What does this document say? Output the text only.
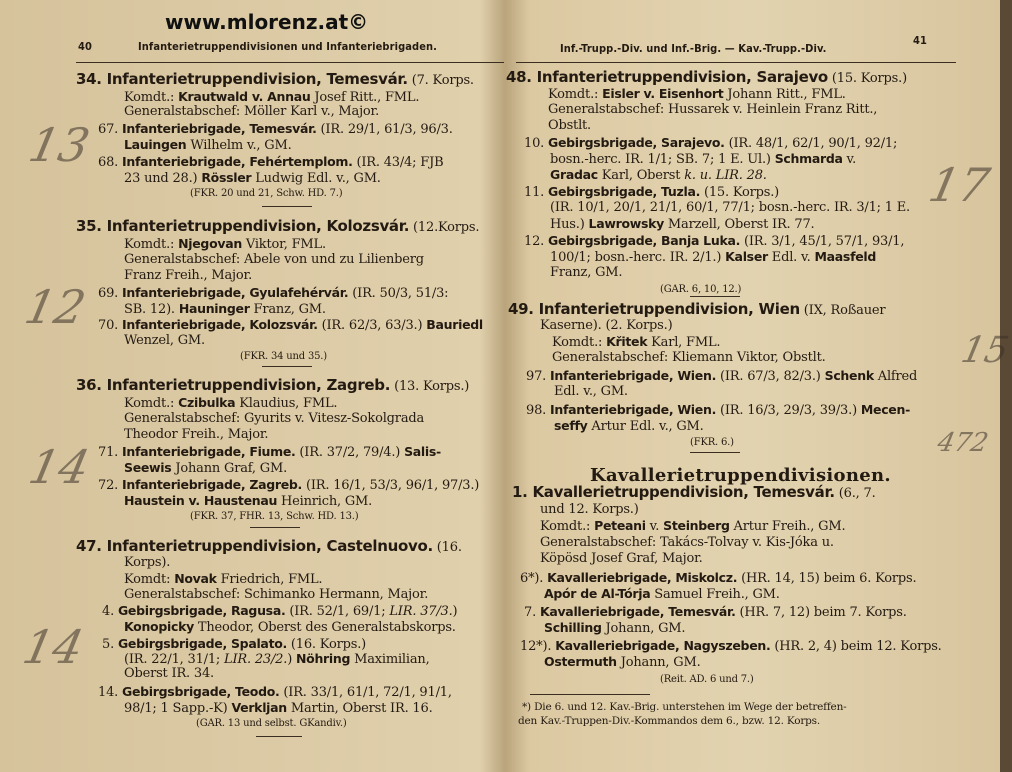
www.mlorenz.at©
40	Infanterietruppendivisionen und Infanteriebrigaden.
34. Infanterietruppendivision, Temesvár. (7. Korps.
Komdt.: Krautwald v. Annau Josef Ritt., FML.
Generalstabschef: Möller Karl v., Major.
67. Infanteriebrigade, Temesvár. (IR. 29/1, 61/3, 96/3.
Lauingen Wilhelm v., GM.
68. Infanteriebrigade, Fehértemplom. (IR. 43/4; FJB
23 und 28.) Rössler Ludwig Edl. v., GM.
(FKR. 20 und 21, Schw. HD. 7.)
35. Infanterietruppendivision, Kolozsvár. (12.Korps.
Komdt.: Njegovan Viktor, FML.
Generalstabschef: Abele von und zu Lilienberg
Franz Freih., Major.
69. Infanteriebrigade, Gyulafehérvár. (IR. 50/3, 51/3:
SB. 12). Hauninger Franz, GM.
70. Infanteriebrigade, Kolozsvár. (IR. 62/3, 63/3.) Bauriedl
Wenzel, GM.
(FKR. 34 und 35.)
36. Infanterietruppendivision, Zagreb. (13. Korps.)
Komdt.: Czibulka Klaudius, FML.
Generalstabschef: Gyurits v. Vitesz-Sokolgrada
Theodor Freih., Major.
71. Infanteriebrigade, Fiume. (IR. 37/2, 79/4.) Salis-
Seewis Johann Graf, GM.
72. Infanteriebrigade, Zagreb. (IR. 16/1, 53/3, 96/1, 97/3.)
Haustein v. Haustenau Heinrich, GM.
(FKR. 37, FHR. 13, Schw. HD. 13.)
47. Infanterietruppendivision, Castelnuovo. (16.
Korps).
Komdt: Novak Friedrich, FML.
Generalstabschef: Schimanko Hermann, Major.
4. Gebirgsbrigade, Ragusa. (IR. 52/1, 69/1; LIR. 37/3.)
Konopicky Theodor, Oberst des Generalstabskorps.
5. Gebirgsbrigade, Spalato. (16. Korps.)
(IR. 22/1, 31/1; LIR. 23/2.) Nöhring Maximilian,
Oberst IR. 34.
14. Gebirgsbrigade, Teodo. (IR. 33/1, 61/1, 72/1, 91/1,
98/1; 1 Sapp.-K) Verkljan Martin, Oberst IR. 16.
(GAR. 13 und selbst. GKandiv.)
Inf.-Trupp.-Div. und Inf.-Brig. — Kav.-Trupp.-Div.
41
Kavallerietruppendivisionen.
48. Infanterietruppendivision, Sarajevo (15. Korps.)
Komdt.: Eisler v. Eisenhort Johann Ritt., FML.
Generalstabschef: Hussarek v. Heinlein Franz Ritt.,
Obstlt.
10. Gebirgsbrigade, Sarajevo. (IR. 48/1, 62/1, 90/1, 92/1;
bosn.-herc. IR. 1/1; SB. 7; 1 E. Ul.) Schmarda v.
Gradac Karl, Oberst k. u. LIR. 28.
11. Gebirgsbrigade, Tuzla. (15. Korps.)
(IR. 10/1, 20/1, 21/1, 60/1, 77/1; bosn.-herc. IR. 3/1; 1 E.
Hus.) Lawrowsky Marzell, Oberst IR. 77.
12. Gebirgsbrigade, Banja Luka. (IR. 3/1, 45/1, 57/1, 93/1,
100/1; bosn.-herc. IR. 2/1.) Kalser Edl. v. Maasfeld
Franz, GM.
(GAR. 6, 10, 12.)
49. Infanterietruppendivision, Wien (IX, Roßauer
Kaserne). (2. Korps.)
Komdt.: Křitek Karl, FML.
Generalstabschef: Kliemann Viktor, Obstlt.
97. Infanteriebrigade, Wien. (IR. 67/3, 82/3.) Schenk Alfred
Edl. v., GM.
98. Infanteriebrigade, Wien. (IR. 16/3, 29/3, 39/3.) Mecen-
seffy Artur Edl. v., GM.
(FKR. 6.)
1. Kavallerietruppendivision, Temesvár. (6., 7.
und 12. Korps.)
Komdt.: Peteani v. Steinberg Artur Freih., GM.
Generalstabschef: Takács-Tolvay v. Kis-Jóka u.
Köpösd Josef Graf, Major.
6*). Kavalleriebrigade, Miskolcz. (HR. 14, 15) beim 6. Korps.
Apór de Al-Tórja Samuel Freih., GM.
7. Kavalleriebrigade, Temesvár. (HR. 7, 12) beim 7. Korps.
Schilling Johann, GM.
12*). Kavalleriebrigade, Nagyszeben. (HR. 2, 4) beim 12. Korps.
Ostermuth Johann, GM.
(Reit. AD. 6 und 7.)
*) Die 6. und 12. Kav.-Brig. unterstehen im Wege der betreffen-
den Kav.-Truppen-Div.-Kommandos dem 6., bzw. 12. Korps.
13
12
14
14
17
15
472
